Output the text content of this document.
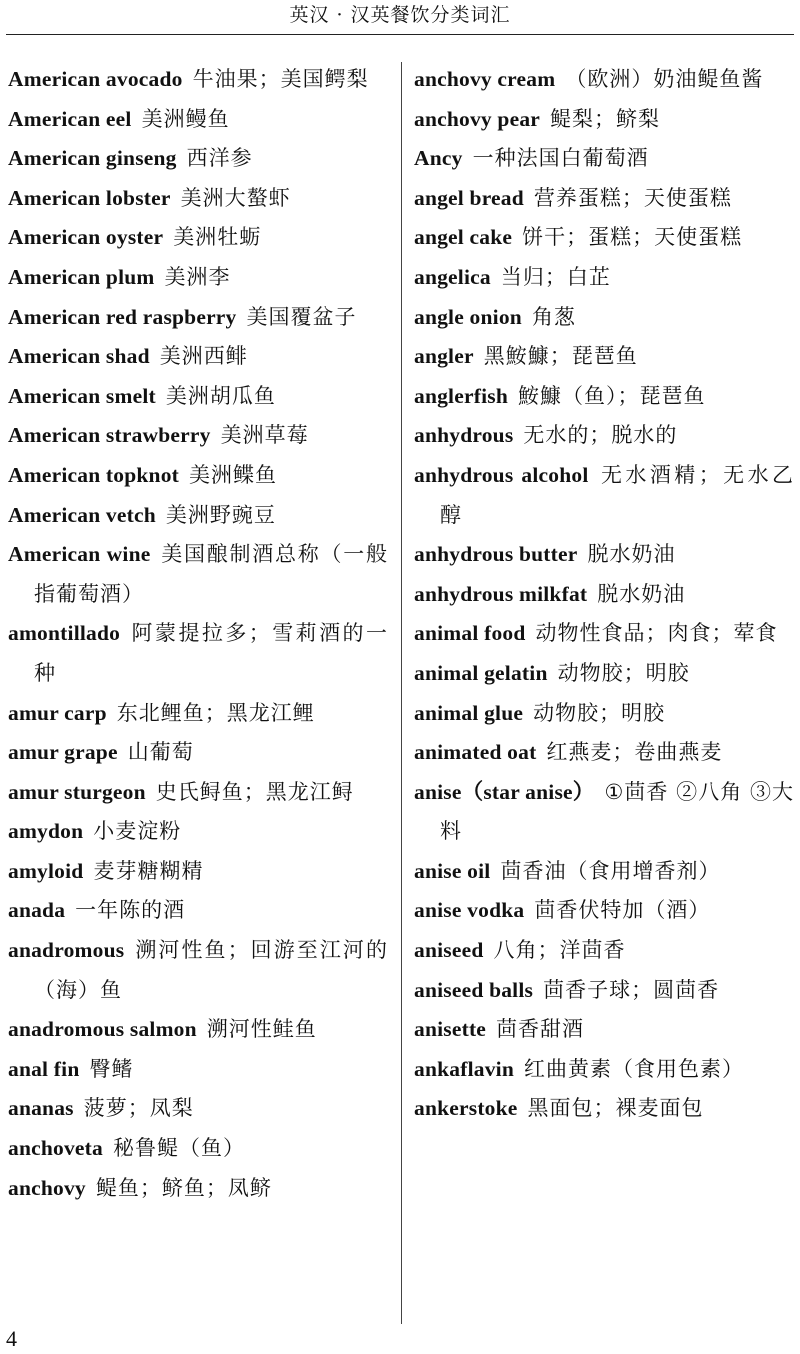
英汉 · 汉英餐饮分类词汇

American avocado 牛油果；美国鳄梨

American eel 美洲鳗鱼

American ginseng 西洋参

American lobster 美洲大螯虾

American oyster 美洲牡蛎

American plum 美洲李

American red raspberry 美国覆盆子

American shad 美洲西鲱

American smelt 美洲胡瓜鱼

American strawberry 美洲草莓

American topknot 美洲鲽鱼

American vetch 美洲野豌豆

American wine 美国酿制酒总称（一般指葡萄酒）

amontillado 阿蒙提拉多；雪莉酒的一种

amur carp 东北鲤鱼；黑龙江鲤

amur grape 山葡萄

amur sturgeon 史氏鲟鱼；黑龙江鲟

amydon 小麦淀粉

amyloid 麦芽糖糊精

anada 一年陈的酒

anadromous 溯河性鱼；回游至江河的（海）鱼

anadromous salmon 溯河性鲑鱼

anal fin 臀鳍

ananas 菠萝；凤梨

anchoveta 秘鲁鳀（鱼）

anchovy 鳀鱼；鲚鱼；凤鲚

anchovy cream （欧洲）奶油鳀鱼酱

anchovy pear 鳀梨；鲚梨

Ancy 一种法国白葡萄酒

angel bread 营养蛋糕；天使蛋糕

angel cake 饼干；蛋糕；天使蛋糕

angelica 当归；白芷

angle onion 角葱

angler 黑鮟鱇；琵琶鱼

anglerfish 鮟鱇（鱼）；琵琶鱼

anhydrous 无水的；脱水的

anhydrous alcohol 无水酒精；无水乙醇

anhydrous butter 脱水奶油

anhydrous milkfat 脱水奶油

animal food 动物性食品；肉食；荤食

animal gelatin 动物胶；明胶

animal glue 动物胶；明胶

animated oat 红燕麦；卷曲燕麦

anise（star anise） ①茴香 ②八角 ③大料

anise oil 茴香油（食用增香剂）

anise vodka 茴香伏特加（酒）

aniseed 八角；洋茴香

aniseed balls 茴香子球；圆茴香

anisette 茴香甜酒

ankaflavin 红曲黄素（食用色素）

ankerstoke 黑面包；裸麦面包

4
